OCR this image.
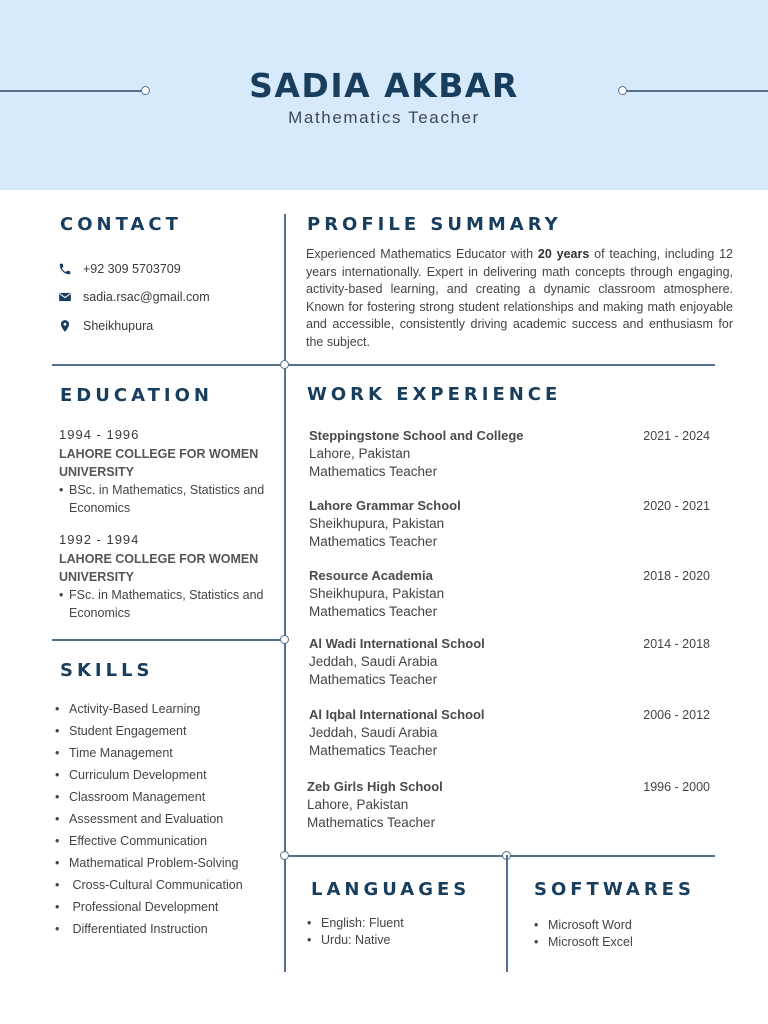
SADIA AKBAR
Mathematics Teacher
CONTACT
+92 309 5703709
sadia.rsac@gmail.com
Sheikhupura
PROFILE SUMMARY
Experienced Mathematics Educator with 20 years of teaching, including 12 years internationally. Expert in delivering math concepts through engaging, activity-based learning, and creating a dynamic classroom atmosphere. Known for fostering strong student relationships and making math enjoyable and accessible, consistently driving academic success and enthusiasm for the subject.
EDUCATION
1994 - 1996
LAHORE COLLEGE FOR WOMEN UNIVERSITY
• BSc. in Mathematics, Statistics and Economics
1992 - 1994
LAHORE COLLEGE FOR WOMEN UNIVERSITY
• FSc. in Mathematics, Statistics and Economics
SKILLS
• Activity-Based Learning
• Student Engagement
• Time Management
• Curriculum Development
• Classroom Management
• Assessment and Evaluation
• Effective Communication
• Mathematical Problem-Solving
•  Cross-Cultural Communication
•  Professional Development
•  Differentiated Instruction
WORK EXPERIENCE
Steppingstone School and College
Lahore, Pakistan
Mathematics Teacher
2021 - 2024
Lahore Grammar School
Sheikhupura, Pakistan
Mathematics Teacher
2020 - 2021
Resource Academia
Sheikhupura, Pakistan
Mathematics Teacher
2018 - 2020
Al Wadi International School
Jeddah, Saudi Arabia
Mathematics Teacher
2014 - 2018
Al Iqbal International School
Jeddah, Saudi Arabia
Mathematics Teacher
2006 - 2012
Zeb Girls High School
Lahore, Pakistan
Mathematics Teacher
1996 - 2000
LANGUAGES
• English: Fluent
• Urdu: Native
SOFTWARES
• Microsoft Word
• Microsoft Excel
